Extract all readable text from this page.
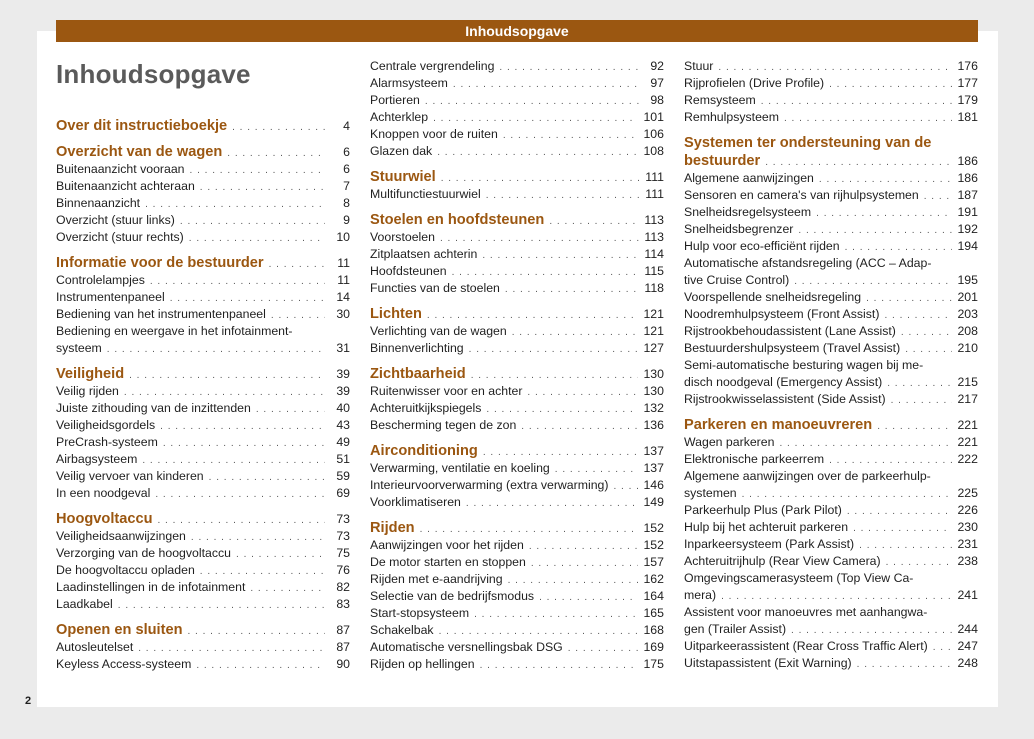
Inhoudsopgave
Inhoudsopgave
Over dit instructieboekje . . .	4
Overzicht van de wagen . . .	6
Buitenaanzicht vooraan . . .	6
Buitenaanzicht achteraan . . .	7
Binnenaanzicht . . .	8
Overzicht (stuur links) . . .	9
Overzicht (stuur rechts) . . .	10
Informatie voor de bestuurder . . .	11
Controlelampjes . . .	11
Instrumentenpaneel . . .	14
Bediening van het instrumentenpaneel . . .	30
Bediening en weergave in het infotainment-
systeem . . .	31
Veiligheid . . .	39
Veilig rijden . . .	39
Juiste zithouding van de inzittenden . . .	40
Veiligheidsgordels . . .	43
PreCrash-systeem . . .	49
Airbagsysteem . . .	51
Veilig vervoer van kinderen . . .	59
In een noodgeval . . .	69
Hoogvoltaccu . . .	73
Veiligheidsaanwijzingen . . .	73
Verzorging van de hoogvoltaccu . . .	75
De hoogvoltaccu opladen . . .	76
Laadinstellingen in de infotainment . . .	82
Laadkabel . . .	83
Openen en sluiten . . .	87
Autosleutelset . . .	87
Keyless Access-systeem . . .	90
Centrale vergrendeling . . .	92
Alarmsysteem . . .	97
Portieren . . .	98
Achterklep . . .	101
Knoppen voor de ruiten . . .	106
Glazen dak . . .	108
Stuurwiel . . .	111
Multifunctiestuurwiel . . .	111
Stoelen en hoofdsteunen . . .	113
Voorstoelen . . .	113
Zitplaatsen achterin . . .	114
Hoofdsteunen . . .	115
Functies van de stoelen . . .	118
Lichten . . .	121
Verlichting van de wagen . . .	121
Binnenverlichting . . .	127
Zichtbaarheid . . .	130
Ruitenwisser voor en achter . . .	130
Achteruitkijkspiegels . . .	132
Bescherming tegen de zon . . .	136
Airconditioning . . .	137
Verwarming, ventilatie en koeling . . .	137
Interieurvoorverwarming (extra verwarming) . . .	146
Voorklimatiseren . . .	149
Rijden . . .	152
Aanwijzingen voor het rijden . . .	152
De motor starten en stoppen . . .	157
Rijden met e-aandrijving . . .	162
Selectie van de bedrijfsmodus . . .	164
Start-stopsysteem . . .	165
Schakelbak . . .	168
Automatische versnellingsbak DSG . . .	169
Rijden op hellingen . . .	175
Stuur . . .	176
Rijprofielen (Drive Profile) . . .	177
Remsysteem . . .	179
Remhulpsysteem . . .	181
Systemen ter ondersteuning van de
bestuurder . . .	186
Algemene aanwijzingen . . .	186
Sensoren en camera's van rijhulpsystemen . . .	187
Snelheidsregelsysteem . . .	191
Snelheidsbegrenzer . . .	192
Hulp voor eco-efficiënt rijden . . .	194
Automatische afstandsregeling (ACC – Adap-
tive Cruise Control) . . .	195
Voorspellende snelheidsregeling . . .	201
Noodremhulpsysteem (Front Assist) . . .	203
Rijstrookbehoudassistent (Lane Assist) . . .	208
Bestuurdershulpsysteem (Travel Assist) . . .	210
Semi-automatische besturing wagen bij me-
disch noodgeval (Emergency Assist) . . .	215
Rijstrookwisselassistent (Side Assist) . . .	217
Parkeren en manoeuvreren . . .	221
Wagen parkeren . . .	221
Elektronische parkeerrem . . .	222
Algemene aanwijzingen over de parkeerhulp-
systemen . . .	225
Parkeerhulp Plus (Park Pilot) . . .	226
Hulp bij het achteruit parkeren . . .	230
Inparkeersysteem (Park Assist) . . .	231
Achteruitrijhulp (Rear View Camera) . . .	238
Omgevingscamerasysteem (Top View Ca-
mera) . . .	241
Assistent voor manoeuvres met aanhangwa-
gen (Trailer Assist) . . .	244
Uitparkeerassistent (Rear Cross Traffic Alert) . . . 247
Uitstapassistent (Exit Warning) . . .	248
2
